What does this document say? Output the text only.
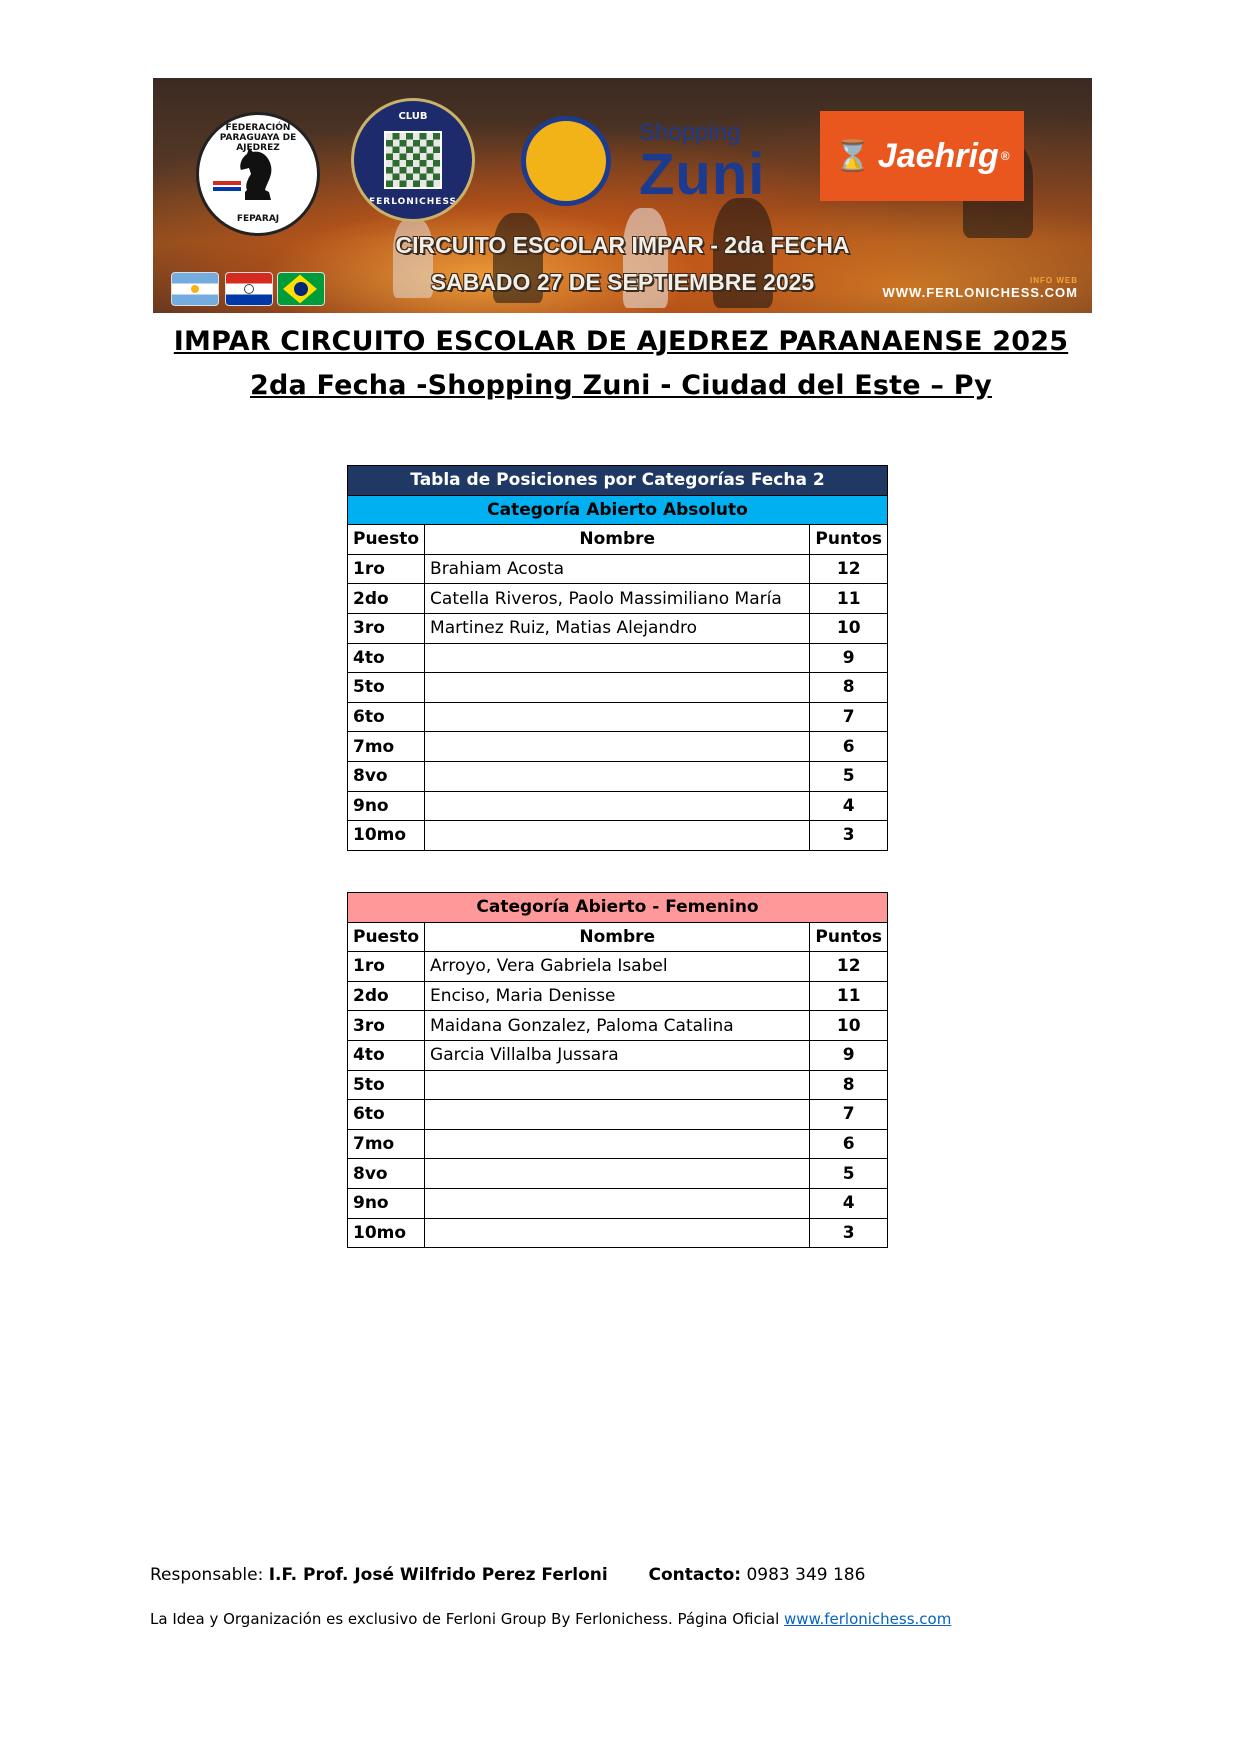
FEDERACIÓN PARAGUAYA DE AJEDREZ
FEPARAJ
CLUB
FERLONICHESS
Shopping
Zuni ⌛ Jaehrig ®
CIRCUITO ESCOLAR IMPAR - 2da FECHA
SABADO 27 DE SEPTIEMBRE 2025	INFO WEB
WWW.FERLONICHESS.COM
IMPAR CIRCUITO ESCOLAR DE AJEDREZ PARANAENSE 2025
2da Fecha -Shopping Zuni - Ciudad del Este – Py
Tabla de Posiciones por Categorías Fecha 2		
Categoría Abierto Absoluto		
Puesto	Nombre	Puntos
1ro	Brahiam Acosta	12
2do	Catella Riveros, Paolo Massimiliano María	11
3ro	Martinez Ruiz, Matias Alejandro	10
4to		9
5to		8
6to		7
7mo		6
8vo		5
9no		4
10mo		3

Categoría Abierto - Femenino		
Puesto	Nombre	Puntos
1ro	Arroyo, Vera Gabriela Isabel	12
2do	Enciso, Maria Denisse	11
3ro	Maidana Gonzalez, Paloma Catalina	10
4to	Garcia Villalba Jussara	9
5to		8
6to		7
7mo		6
8vo		5
9no		4
10mo		3
Responsable: I.F. Prof. José Wilfrido Perez Ferloni Contacto: 0983 349 186
La Idea y Organización es exclusivo de Ferloni Group By Ferlonichess. Página Oficial www.ferlonichess.com
